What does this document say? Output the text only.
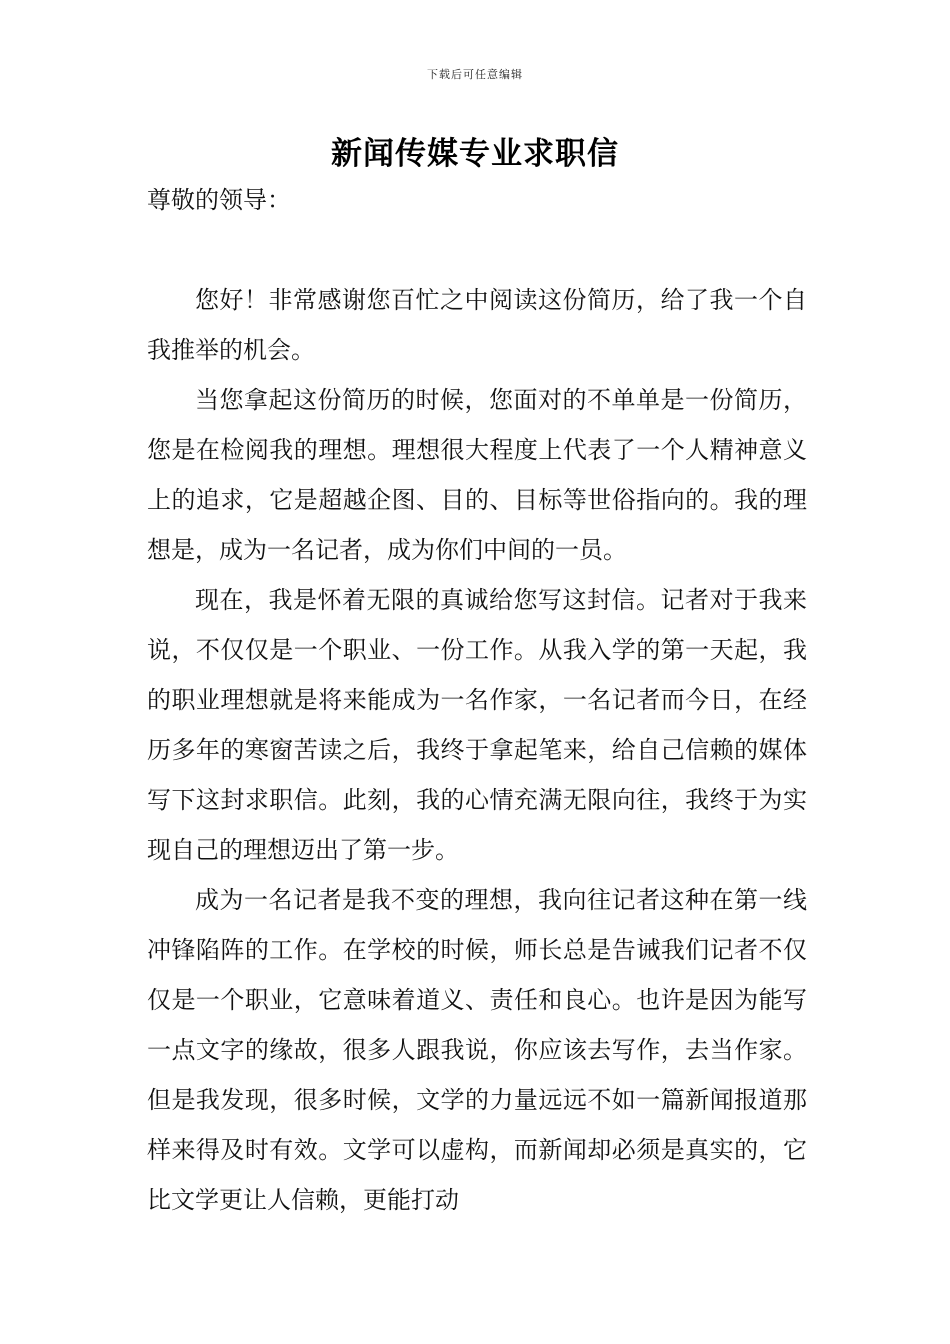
下载后可任意编辑
新闻传媒专业求职信
尊敬的领导：

您好！非常感谢您百忙之中阅读这份简历，给了我一个自我推举的机会。

当您拿起这份简历的时候，您面对的不单单是一份简历，您是在检阅我的理想。理想很大程度上代表了一个人精神意义上的追求，它是超越企图、目的、目标等世俗指向的。我的理想是，成为一名记者，成为你们中间的一员。

现在，我是怀着无限的真诚给您写这封信。记者对于我来说，不仅仅是一个职业、一份工作。从我入学的第一天起，我的职业理想就是将来能成为一名作家，一名记者而今日，在经历多年的寒窗苦读之后，我终于拿起笔来，给自己信赖的媒体写下这封求职信。此刻，我的心情充满无限向往，我终于为实现自己的理想迈出了第一步。

成为一名记者是我不变的理想，我向往记者这种在第一线冲锋陷阵的工作。在学校的时候，师长总是告诫我们记者不仅仅是一个职业，它意味着道义、责任和良心。也许是因为能写一点文字的缘故，很多人跟我说，你应该去写作，去当作家。但是我发现，很多时候，文学的力量远远不如一篇新闻报道那样来得及时有效。文学可以虚构，而新闻却必须是真实的，它比文学更让人信赖，更能打动
